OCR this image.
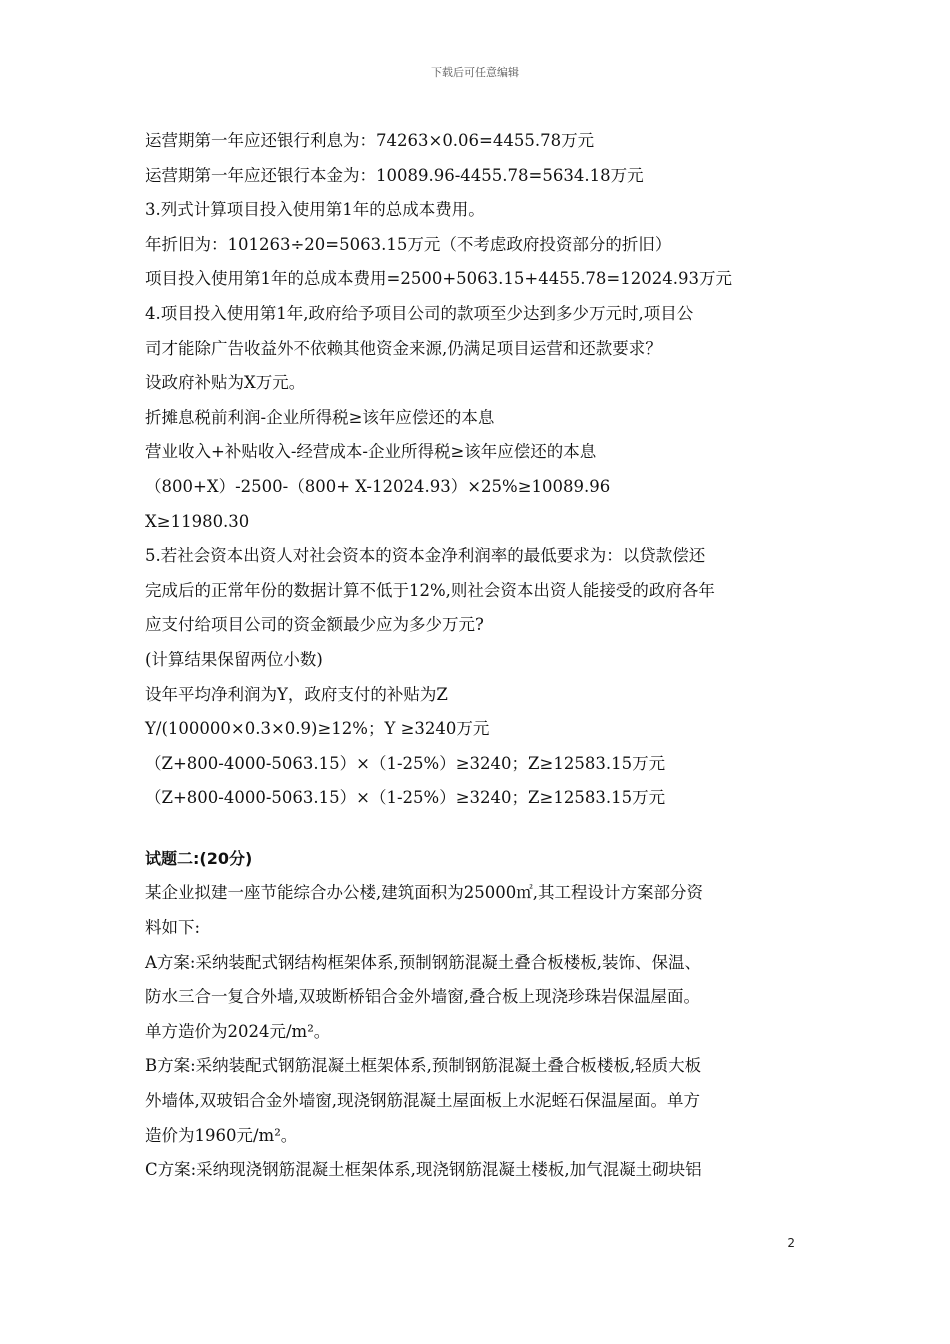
下载后可任意编辑
运营期第一年应还银行利息为：74263×0.06=4455.78万元
运营期第一年应还银行本金为：10089.96-4455.78=5634.18万元
3.列式计算项目投入使用第1年的总成本费用。
年折旧为：101263÷20=5063.15万元（不考虑政府投资部分的折旧）
项目投入使用第1年的总成本费用=2500+5063.15+4455.78=12024.93万元
4.项目投入使用第1年,政府给予项目公司的款项至少达到多少万元时,项目公
司才能除广告收益外不依赖其他资金来源,仍满足项目运营和还款要求？
设政府补贴为X万元。
折摊息税前利润-企业所得税≥该年应偿还的本息
营业收入+补贴收入-经营成本-企业所得税≥该年应偿还的本息
（800+X）-2500-（800+ X-12024.93）×25%≥10089.96
X≥11980.30
5.若社会资本出资人对社会资本的资本金净利润率的最低要求为：以贷款偿还
完成后的正常年份的数据计算不低于12%,则社会资本出资人能接受的政府各年
应支付给项目公司的资金额最少应为多少万元?
(计算结果保留两位小数)
设年平均净利润为Y，政府支付的补贴为Z
Y/(100000×0.3×0.9)≥12%；Y ≥3240万元
（Z+800-4000-5063.15）×（1-25%）≥3240；Z≥12583.15万元
（Z+800-4000-5063.15）×（1-25%）≥3240；Z≥12583.15万元
试题二:(20分)
某企业拟建一座节能综合办公楼,建筑面积为25000㎡,其工程设计方案部分资
料如下:
A方案:采纳装配式钢结构框架体系,预制钢筋混凝土叠合板楼板,装饰、保温、
防水三合一复合外墙,双玻断桥铝合金外墙窗,叠合板上现浇珍珠岩保温屋面。
单方造价为2024元/m²。
B方案:采纳装配式钢筋混凝土框架体系,预制钢筋混凝土叠合板楼板,轻质大板
外墙体,双玻铝合金外墙窗,现浇钢筋混凝土屋面板上水泥蛭石保温屋面。单方
造价为1960元/m²。
C方案:采纳现浇钢筋混凝土框架体系,现浇钢筋混凝土楼板,加气混凝土砌块铝
2
